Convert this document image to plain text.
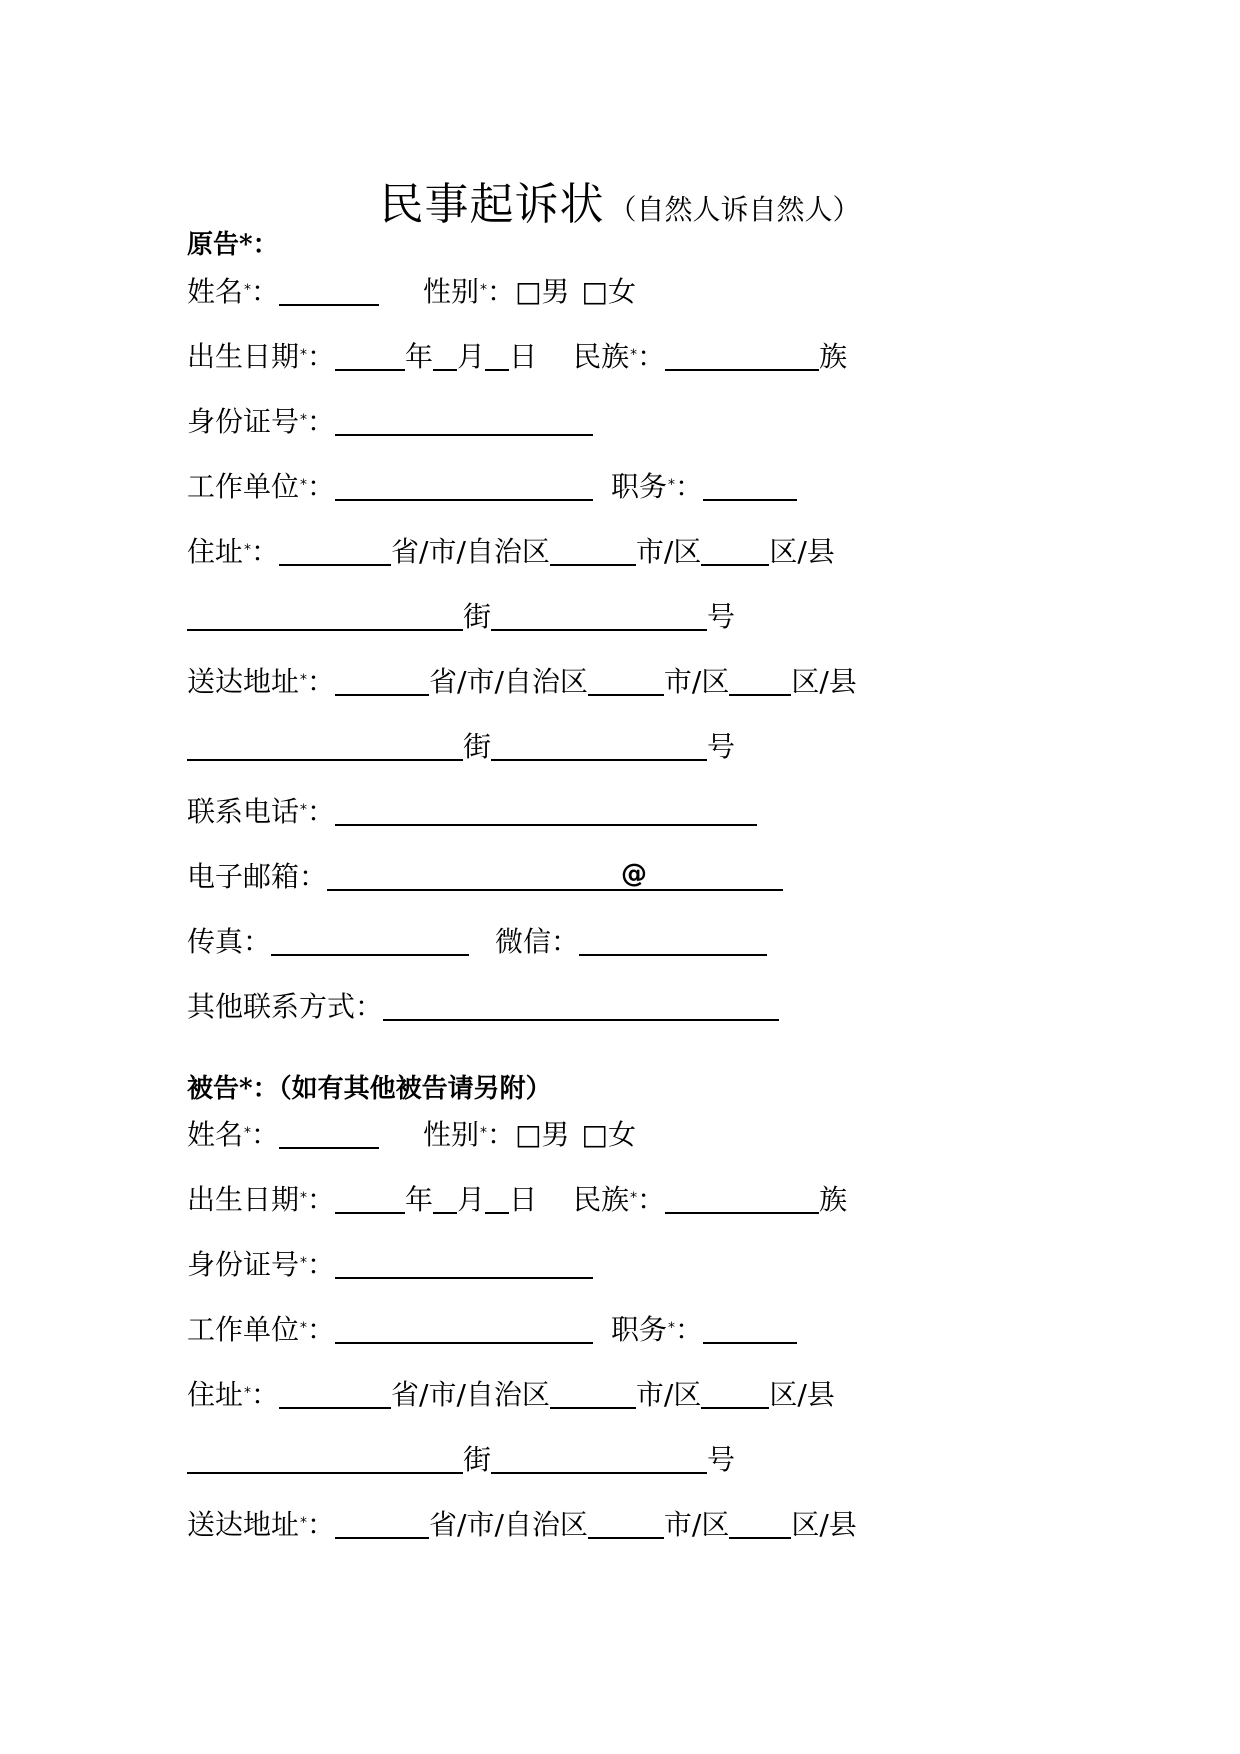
民事起诉状 （自然人诉自然人）
原告*：
姓名 * ：	性别 * ： □男 □女
出生日期 * ：	年 月 日 民族 * ：	族
身份证号 * ：
工作单位 * ：	职务 * ：
住址 * ：	省/市/自治区	市/区 区/县
街	号
送达地址 * ：	省/市/自治区	市/区 区/县
街	号
联系电话 * ：
电子邮箱 ：	@
传真 ：	微信 ：
其他联系方式 ：
被告*：（如有其他被告请另附）
姓名 * ：	性别 * ： □男 □女
出生日期 * ：	年 月 日 民族 * ：	族
身份证号 * ：
工作单位 * ：	职务 * ：
住址 * ：	省/市/自治区	市/区 区/县
街	号
送达地址 * ：	省/市/自治区	市/区 区/县
